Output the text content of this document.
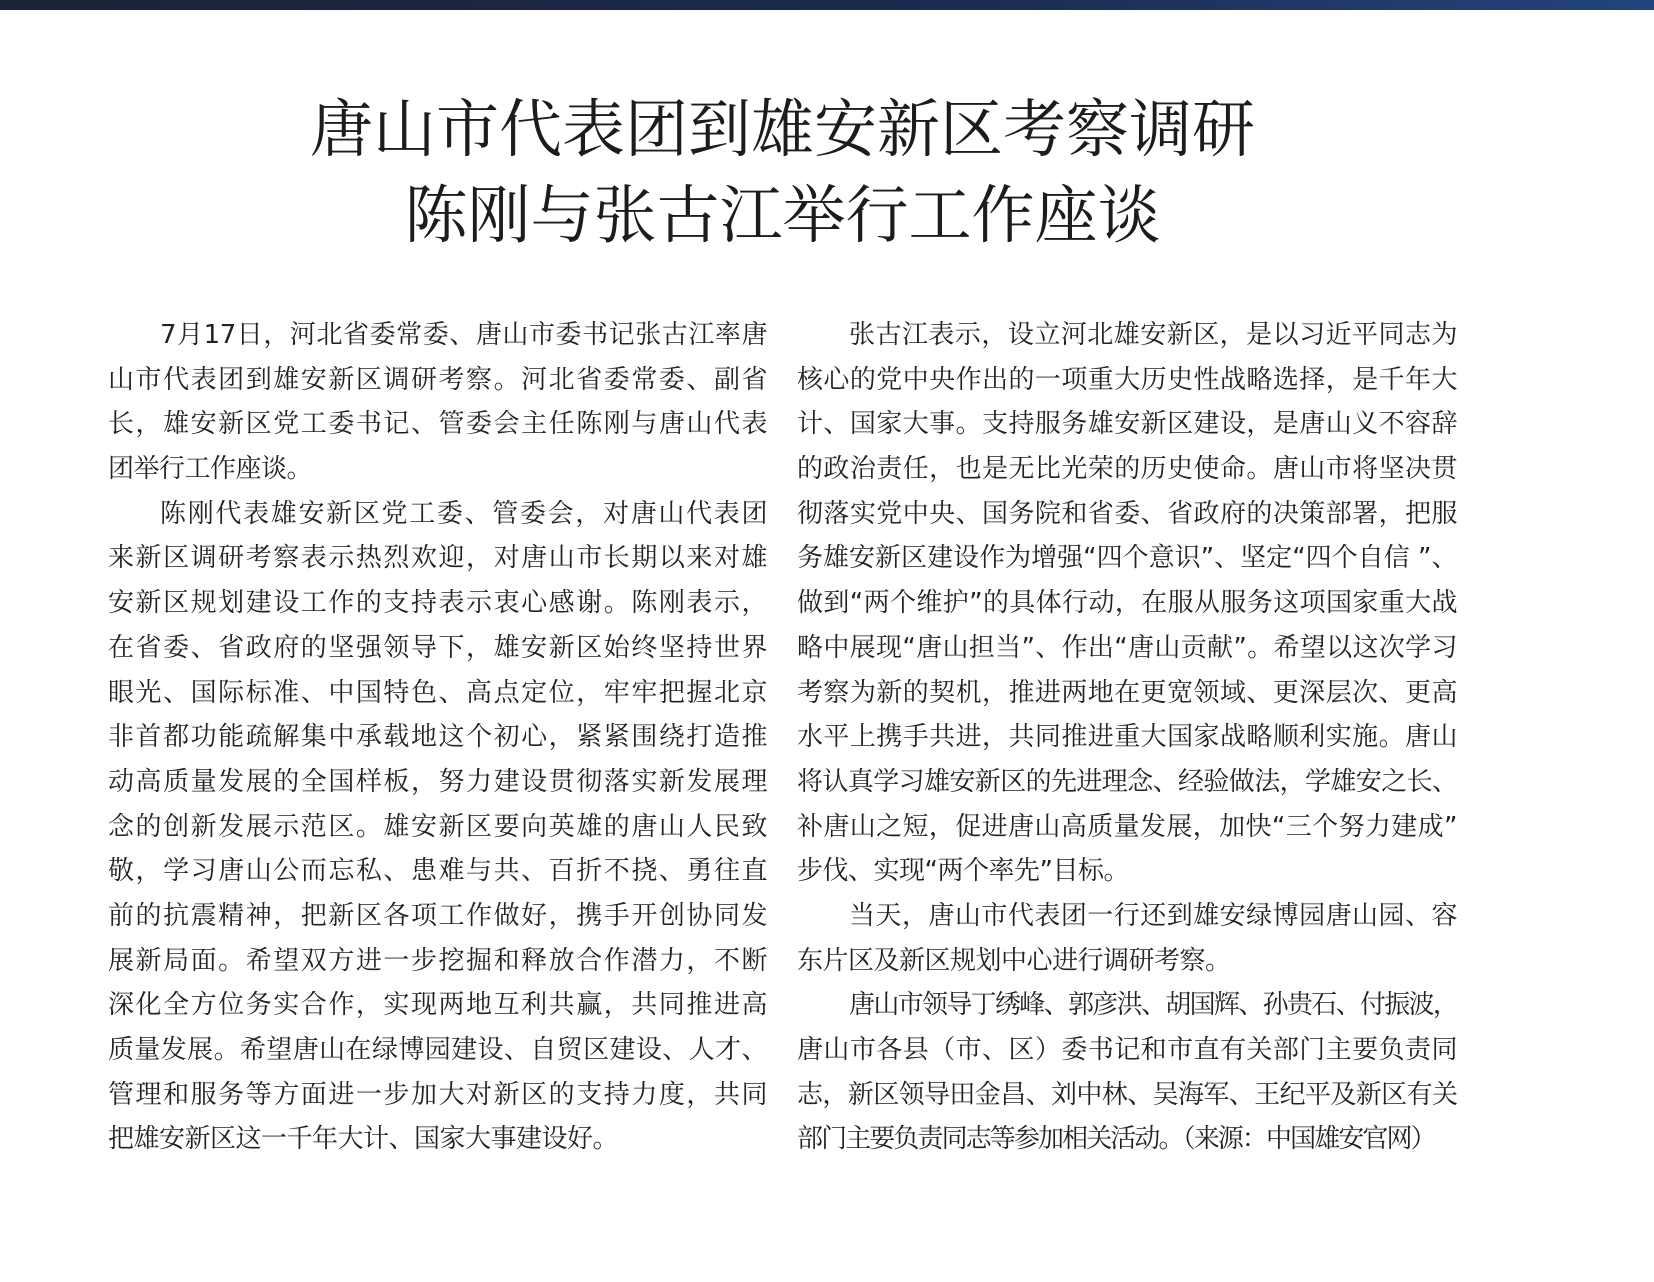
唐山市代表团到雄安新区考察调研
陈刚与张古江举行工作座谈
7月17日，河北省委常委、唐山市委书记张古江率唐
山市代表团到雄安新区调研考察。河北省委常委、副省
长，雄安新区党工委书记、管委会主任陈刚与唐山代表
团举行工作座谈。
陈刚代表雄安新区党工委、管委会，对唐山代表团
来新区调研考察表示热烈欢迎，对唐山市长期以来对雄
安新区规划建设工作的支持表示衷心感谢。陈刚表示，
在省委、省政府的坚强领导下，雄安新区始终坚持世界
眼光、国际标准、中国特色、高点定位，牢牢把握北京
非首都功能疏解集中承载地这个初心，紧紧围绕打造推
动高质量发展的全国样板，努力建设贯彻落实新发展理
念的创新发展示范区。雄安新区要向英雄的唐山人民致
敬，学习唐山公而忘私、患难与共、百折不挠、勇往直
前的抗震精神，把新区各项工作做好，携手开创协同发
展新局面。希望双方进一步挖掘和释放合作潜力，不断
深化全方位务实合作，实现两地互利共赢，共同推进高
质量发展。希望唐山在绿博园建设、自贸区建设、人才、
管理和服务等方面进一步加大对新区的支持力度，共同
把雄安新区这一千年大计、国家大事建设好。
张古江表示，设立河北雄安新区，是以习近平同志为
核心的党中央作出的一项重大历史性战略选择，是千年大
计、国家大事。支持服务雄安新区建设，是唐山义不容辞
的政治责任，也是无比光荣的历史使命。唐山市将坚决贯
彻落实党中央、国务院和省委、省政府的决策部署，把服
务雄安新区建设作为增强“四个意识”、坚定“四个自信 ”、
做到“两个维护”的具体行动，在服从服务这项国家重大战
略中展现“唐山担当”、作出“唐山贡献”。希望以这次学习
考察为新的契机，推进两地在更宽领域、更深层次、更高
水平上携手共进，共同推进重大国家战略顺利实施。唐山
将认真学习雄安新区的先进理念、经验做法，学雄安之长、
补唐山之短，促进唐山高质量发展，加快“三个努力建成”
步伐、实现“两个率先”目标。
当天，唐山市代表团一行还到雄安绿博园唐山园、容
东片区及新区规划中心进行调研考察。
唐山市领导丁绣峰、郭彦洪、胡国辉、孙贵石、付振波，
唐山市各县（市、区）委书记和市直有关部门主要负责同
志，新区领导田金昌、刘中林、吴海军、王纪平及新区有关
部门主要负责同志等参加相关活动。（来源：中国雄安官网）
